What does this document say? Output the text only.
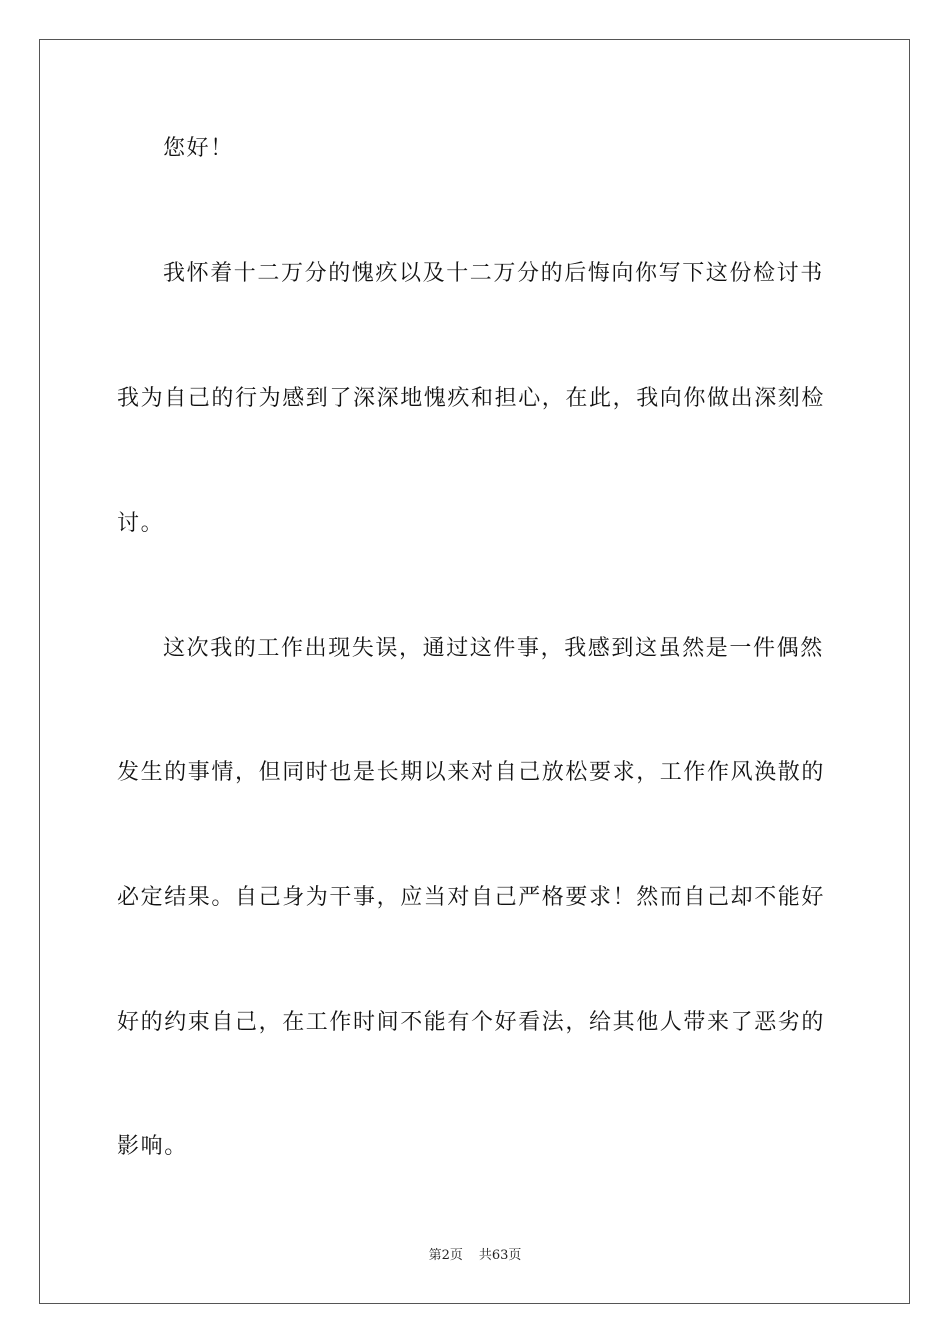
您好！
我怀着十二万分的愧疚以及十二万分的后悔向你写下这份检讨书
我为自己的行为感到了深深地愧疚和担心，在此，我向你做出深刻检
讨。
这次我的工作出现失误，通过这件事，我感到这虽然是一件偶然
发生的事情，但同时也是长期以来对自己放松要求，工作作风涣散的
必定结果。自己身为干事，应当对自己严格要求！然而自己却不能好
好的约束自己，在工作时间不能有个好看法，给其他人带来了恶劣的
影响。
第2页 共63页
